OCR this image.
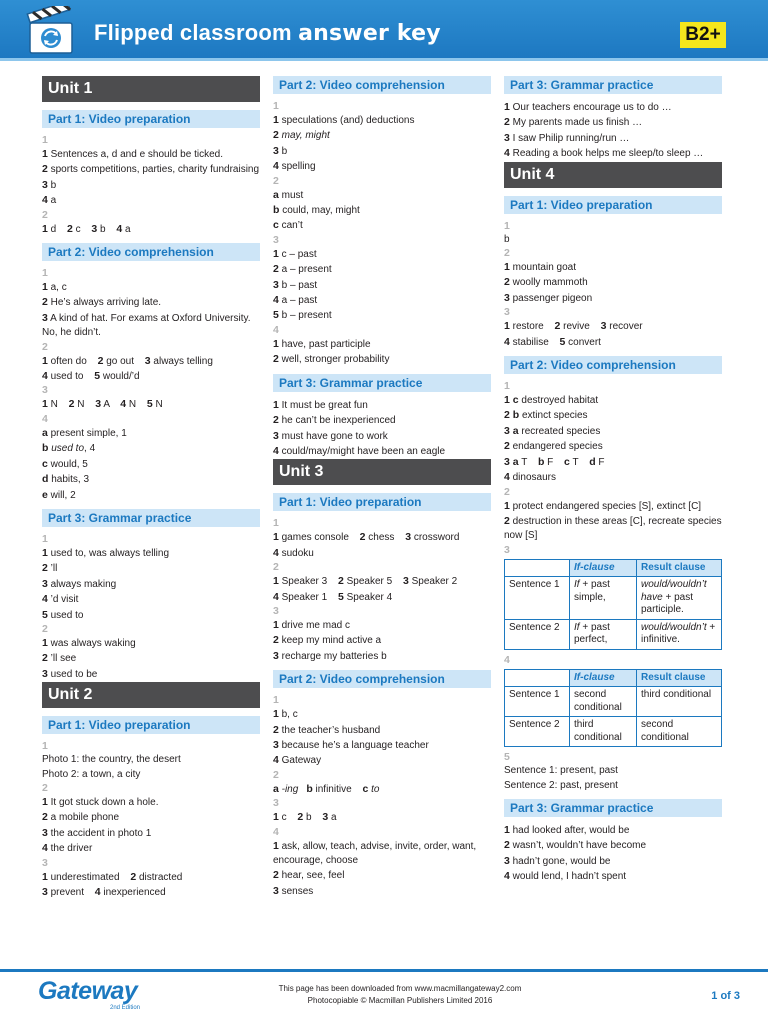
Flipped classroom answer key	B2+
Unit 1
Part 1: Video preparation
1
1 Sentences a, d and e should be ticked.
2 sports competitions, parties, charity fundraising
3 b
4 a
2
1 d 2 c 3 b 4 a
Part 2: Video comprehension
1
1 a, c
2 He’s always arriving late.
3 A kind of hat. For exams at Oxford University. No, he didn’t.
2
1 often do 2 go out 3 always telling
4 used to 5 would/’d
3
1 N 2 N 3 A 4 N 5 N
4
a present simple, 1
b used to, 4
c would, 5
d habits, 3
e will, 2
Part 3: Grammar practice
1
1 used to, was always telling
2 ’ll
3 always making
4 ’d visit
5 used to
2
1 was always waking
2 ’ll see
3 used to be
Unit 2
Part 1: Video preparation
1
Photo 1: the country, the desert
Photo 2: a town, a city
2
1 It got stuck down a hole.
2 a mobile phone
3 the accident in photo 1
4 the driver
3
1 underestimated 2 distracted
3 prevent 4 inexperienced
Part 2: Video comprehension
1
1 speculations (and) deductions
2 may, might
3 b
4 spelling
2
a must
b could, may, might
c can’t
3
1 c – past
2 a – present
3 b – past
4 a – past
5 b – present
4
1 have, past participle
2 well, stronger probability
Part 3: Grammar practice
1 It must be great fun
2 he can’t be inexperienced
3 must have gone to work
4 could/may/might have been an eagle
Unit 3
Part 1: Video preparation
1
1 games console 2 chess 3 crossword
4 sudoku
2
1 Speaker 3 2 Speaker 5 3 Speaker 2
4 Speaker 1 5 Speaker 4
3
1 drive me mad c
2 keep my mind active a
3 recharge my batteries b
Part 2: Video comprehension
1
1 b, c
2 the teacher’s husband
3 because he’s a language teacher
4 Gateway
2
a -ing b infinitive c to
3
1 c 2 b 3 a
4
1 ask, allow, teach, advise, invite, order, want, encourage, choose
2 hear, see, feel
3 senses
Part 3: Grammar practice
1 Our teachers encourage us to do …
2 My parents made us finish …
3 I saw Philip running/run …
4 Reading a book helps me sleep/to sleep …
Unit 4
Part 1: Video preparation
1
b
2
1 mountain goat
2 woolly mammoth
3 passenger pigeon
3
1 restore 2 revive 3 recover
4 stabilise 5 convert
Part 2: Video comprehension
1
1 c destroyed habitat
2 b extinct species
3 a recreated species
2 endangered species
3 a T b F c T d F
4 dinosaurs
2
1 protect endangered species [S], extinct [C]
2 destruction in these areas [C], recreate species now [S]
3
	If-clause	Result clause
Sentence 1	If + past simple,	would/wouldn’t have + past participle.
Sentence 2	If + past perfect,	would/wouldn’t + infinitive.
4
	If-clause	Result clause
Sentence 1	second conditional	third conditional
Sentence 2	third conditional	second conditional
5
Sentence 1: present, past
Sentence 2: past, present
Part 3: Grammar practice
1 had looked after, would be
2 wasn’t, wouldn’t have become
3 hadn’t gone, would be
4 would lend, I hadn’t spent
Gateway
2nd Edition
This page has been downloaded from www.macmillangateway2.com
Photocopiable © Macmillan Publishers Limited 2016	1 of 3
